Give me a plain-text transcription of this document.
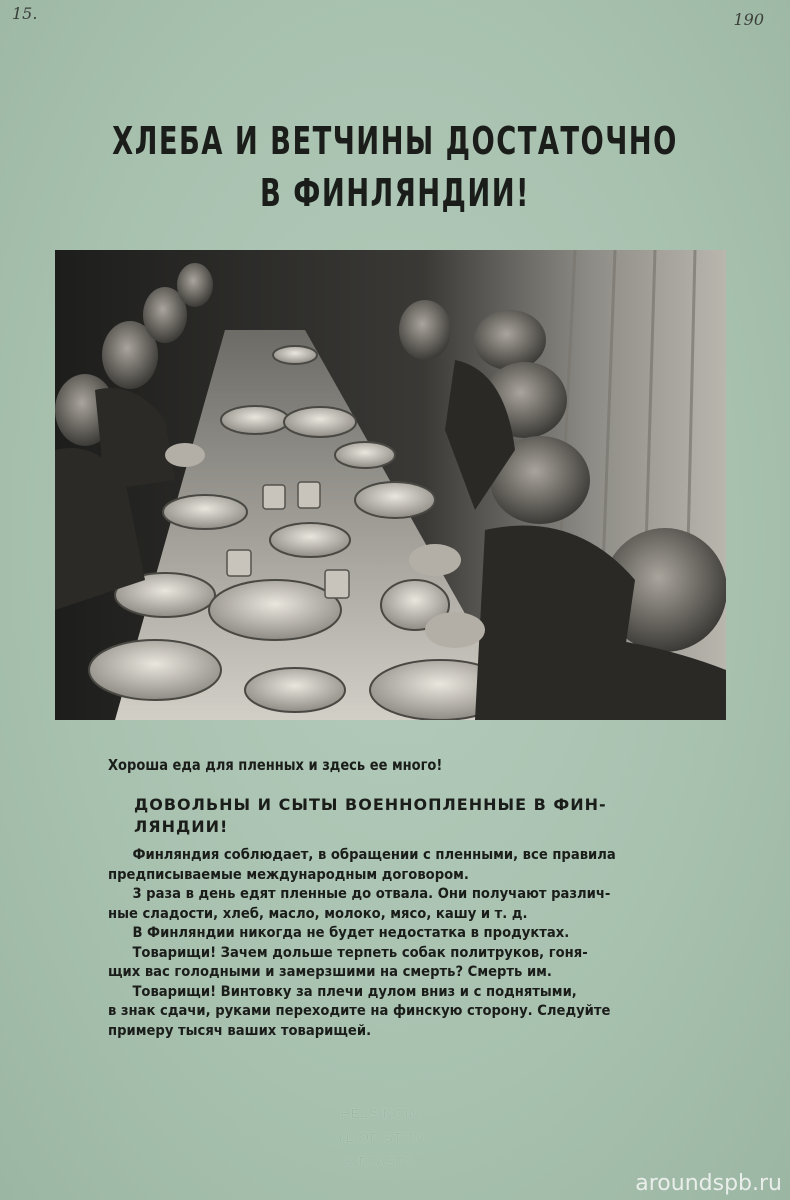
15.	190
ХЛЕБА И ВЕТЧИНЫ ДОСТАТОЧНО
В ФИНЛЯНДИИ!
Хороша еда для пленных и здесь ее много!
ДОВОЛЬНЫ И СЫТЫ ВОЕННОПЛЕННЫЕ В ФИН-
ЛЯНДИИ!
Финляндия соблюдает, в обращении с пленными, все правила
предписываемые международным договором.
3 раза в день едят пленные до отвала. Они получают различ-
ные сладости, хлеб, масло, молоко, мясо, кашу и т. д.
В Финляндии никогда не будет недостатка в продуктах.
Товарищи! Зачем дольше терпеть собак политруков, гоня-
щих вас голодными и замерзшими на смерть? Смерть им.
Товарищи! Винтовку за плечи дулом вниз и с поднятыми,
в знак сдачи, руками переходите на финскую сторону. Следуйте
примеру тысяч ваших товарищей.
HELSINGIN
YLIOPISTON
KIRJASTO
aroundspb.ru
